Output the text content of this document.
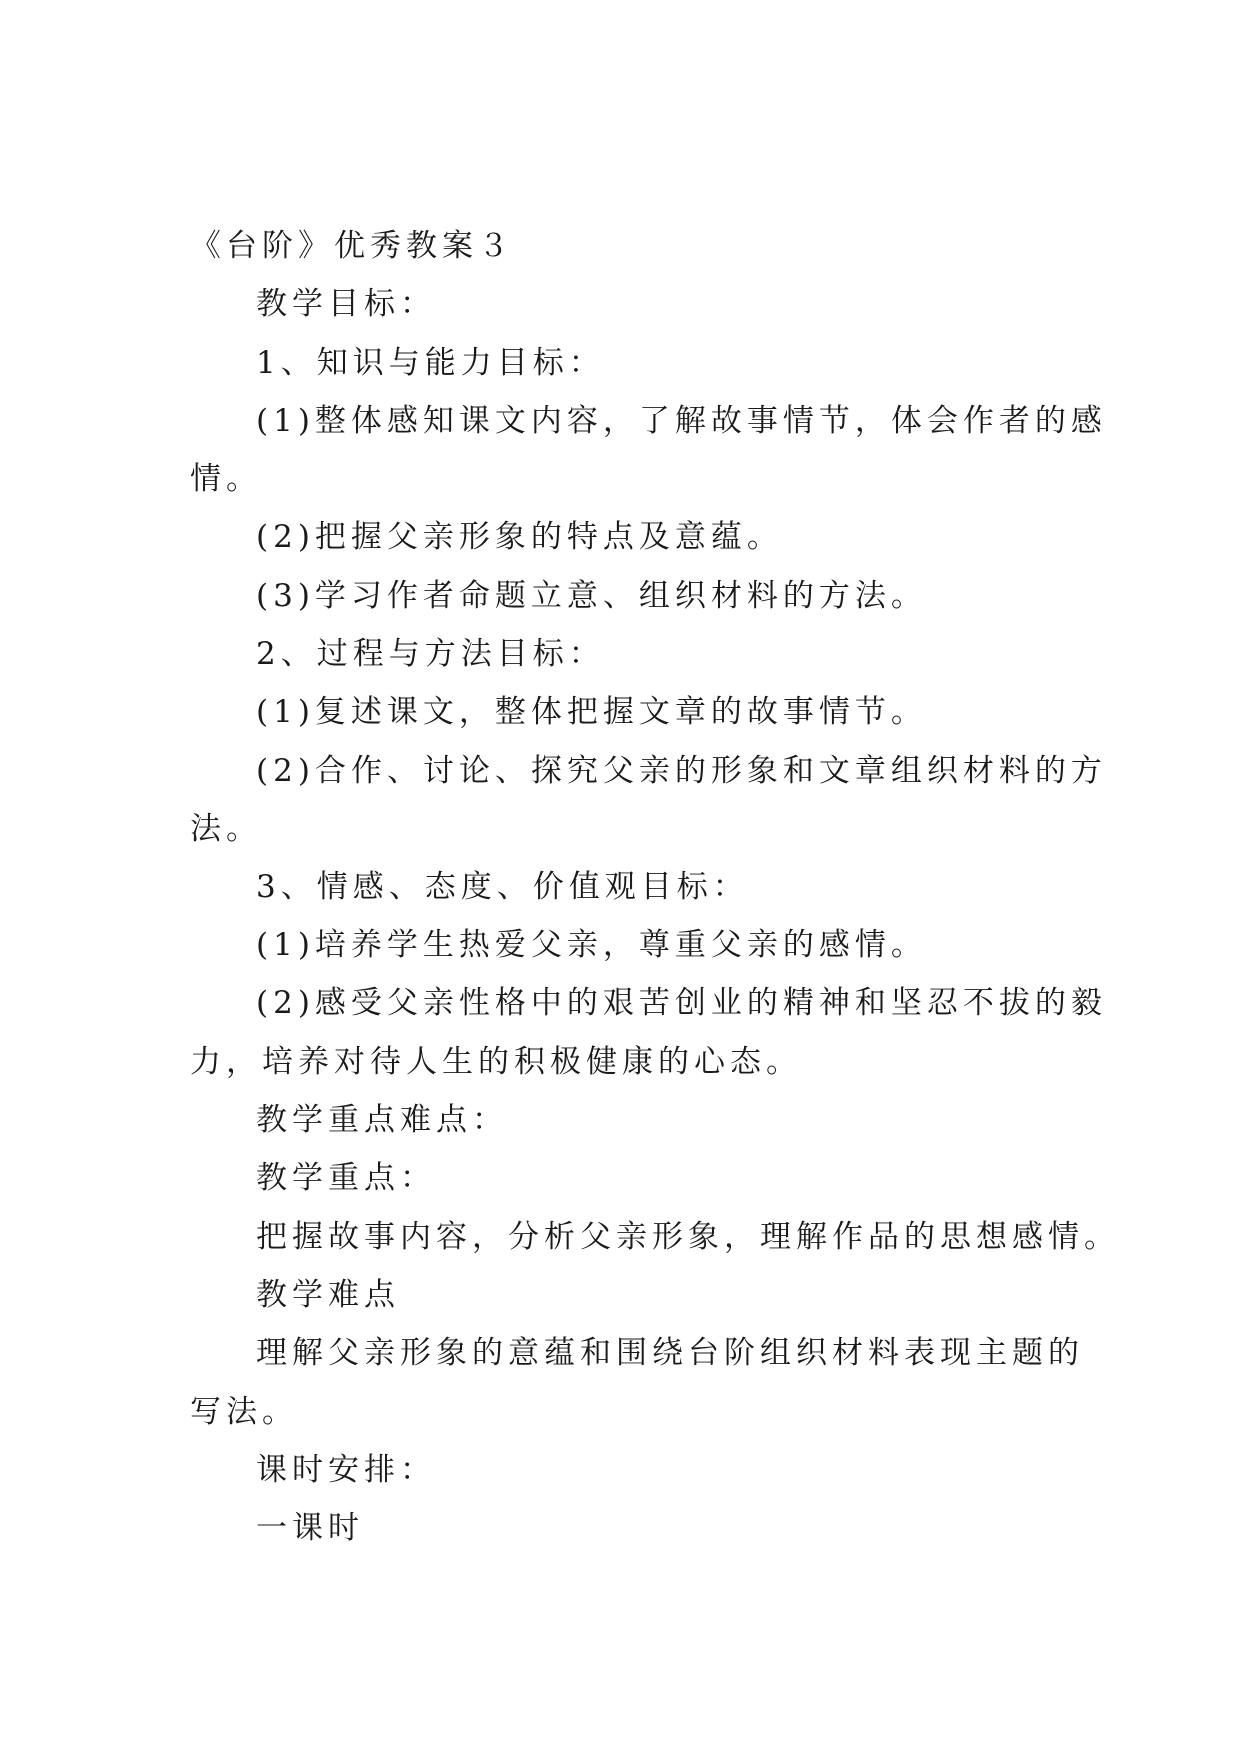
《台阶》优秀教案３
教学目标：
1、知识与能力目标：
(1)整体感知课文内容，了解故事情节，体会作者的感
情。
(2)把握父亲形象的特点及意蕴。
(3)学习作者命题立意、组织材料的方法。
2、过程与方法目标：
(1)复述课文，整体把握文章的故事情节。
(2)合作、讨论、探究父亲的形象和文章组织材料的方
法。
3、情感、态度、价值观目标：
(1)培养学生热爱父亲，尊重父亲的感情。
(2)感受父亲性格中的艰苦创业的精神和坚忍不拔的毅
力，培养对待人生的积极健康的心态。
教学重点难点：
教学重点：
把握故事内容，分析父亲形象，理解作品的思想感情。
教学难点
理解父亲形象的意蕴和围绕台阶组织材料表现主题的
写法。
课时安排：
一课时
